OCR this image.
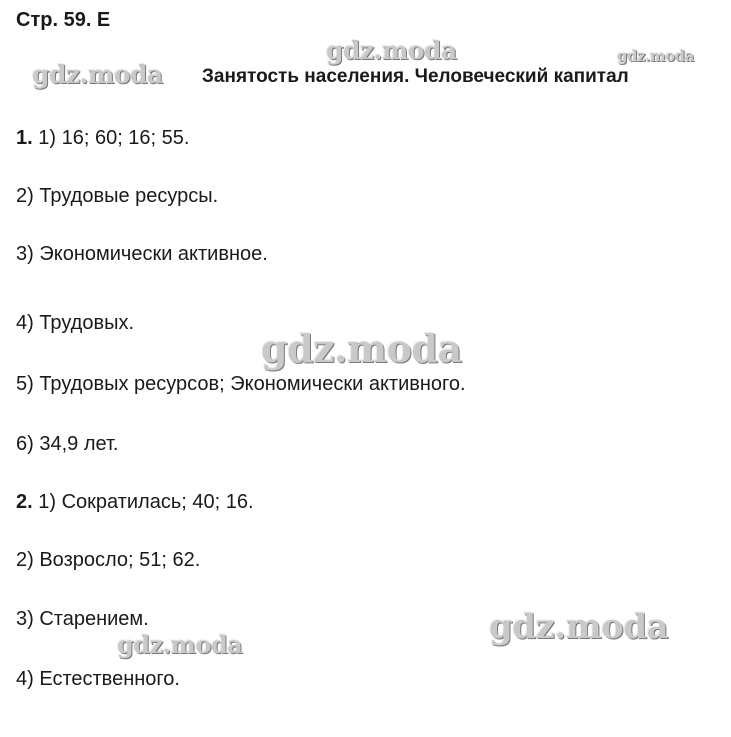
Стр. 59. Е
gdz.moda
gdz.moda
gdz.moda
gdz.moda
gdz.moda
gdz.moda
Занятость населения. Человеческий капитал
1. 1) 16; 60; 16; 55.
2) Трудовые ресурсы.
3) Экономически активное.
4) Трудовых.
5) Трудовых ресурсов; Экономически активного.
6) 34,9 лет.
2. 1) Сократилась; 40; 16.
2) Возросло; 51; 62.
3) Старением.
4) Естественного.
